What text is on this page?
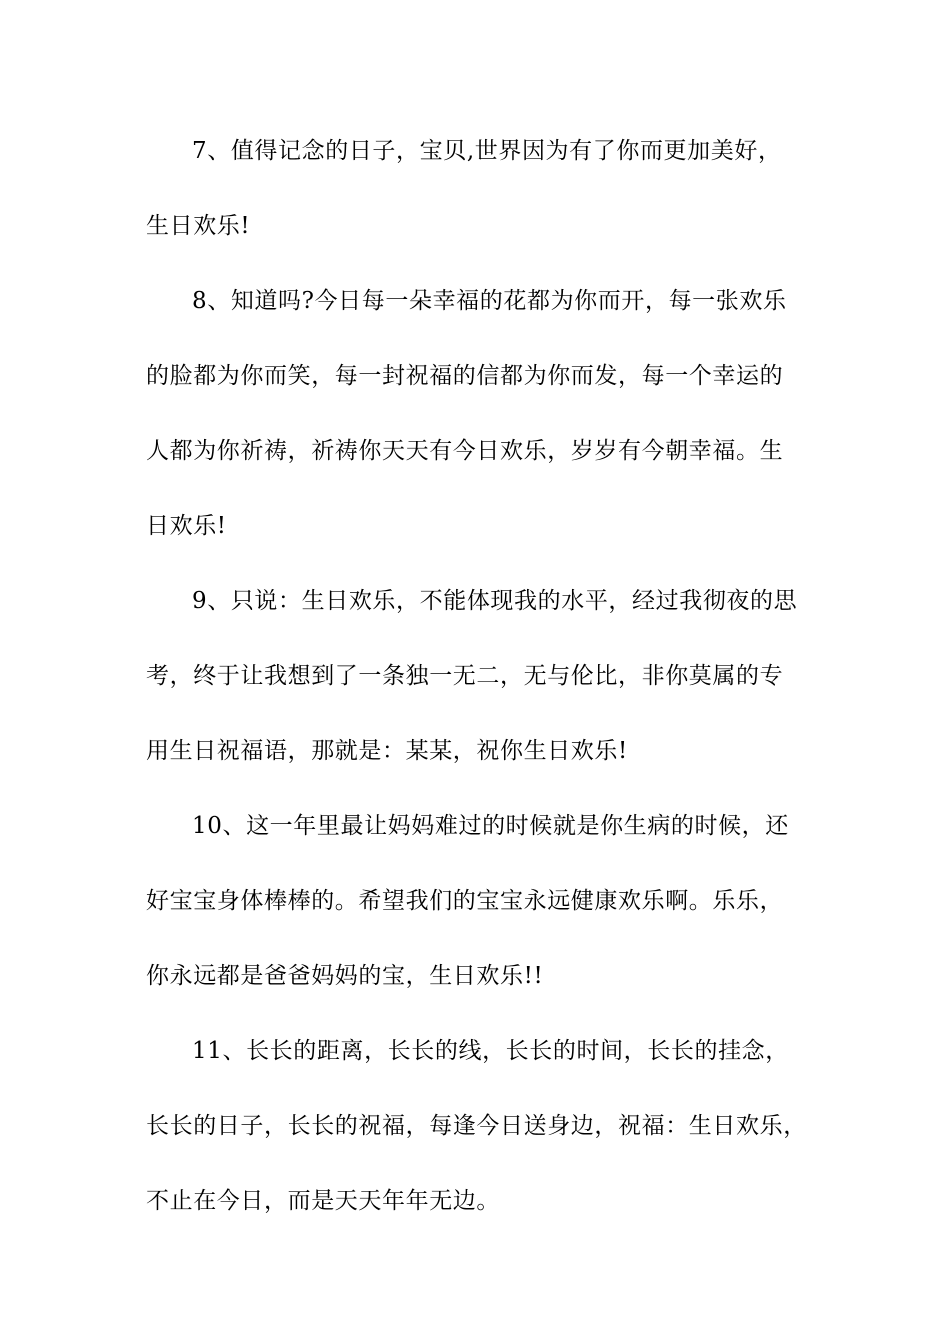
7、值得记念的日子，宝贝,世界因为有了你而更加美好，
生日欢乐!
8、知道吗?今日每一朵幸福的花都为你而开，每一张欢乐
的脸都为你而笑，每一封祝福的信都为你而发，每一个幸运的
人都为你祈祷，祈祷你天天有今日欢乐，岁岁有今朝幸福。生
日欢乐!
9、只说：生日欢乐，不能体现我的水平，经过我彻夜的思
考，终于让我想到了一条独一无二，无与伦比，非你莫属的专
用生日祝福语，那就是：某某，祝你生日欢乐!
10、这一年里最让妈妈难过的时候就是你生病的时候，还
好宝宝身体棒棒的。希望我们的宝宝永远健康欢乐啊。乐乐，
你永远都是爸爸妈妈的宝，生日欢乐!!
11、长长的距离，长长的线，长长的时间，长长的挂念，
长长的日子，长长的祝福，每逢今日送身边，祝福：生日欢乐，
不止在今日，而是天天年年无边。
